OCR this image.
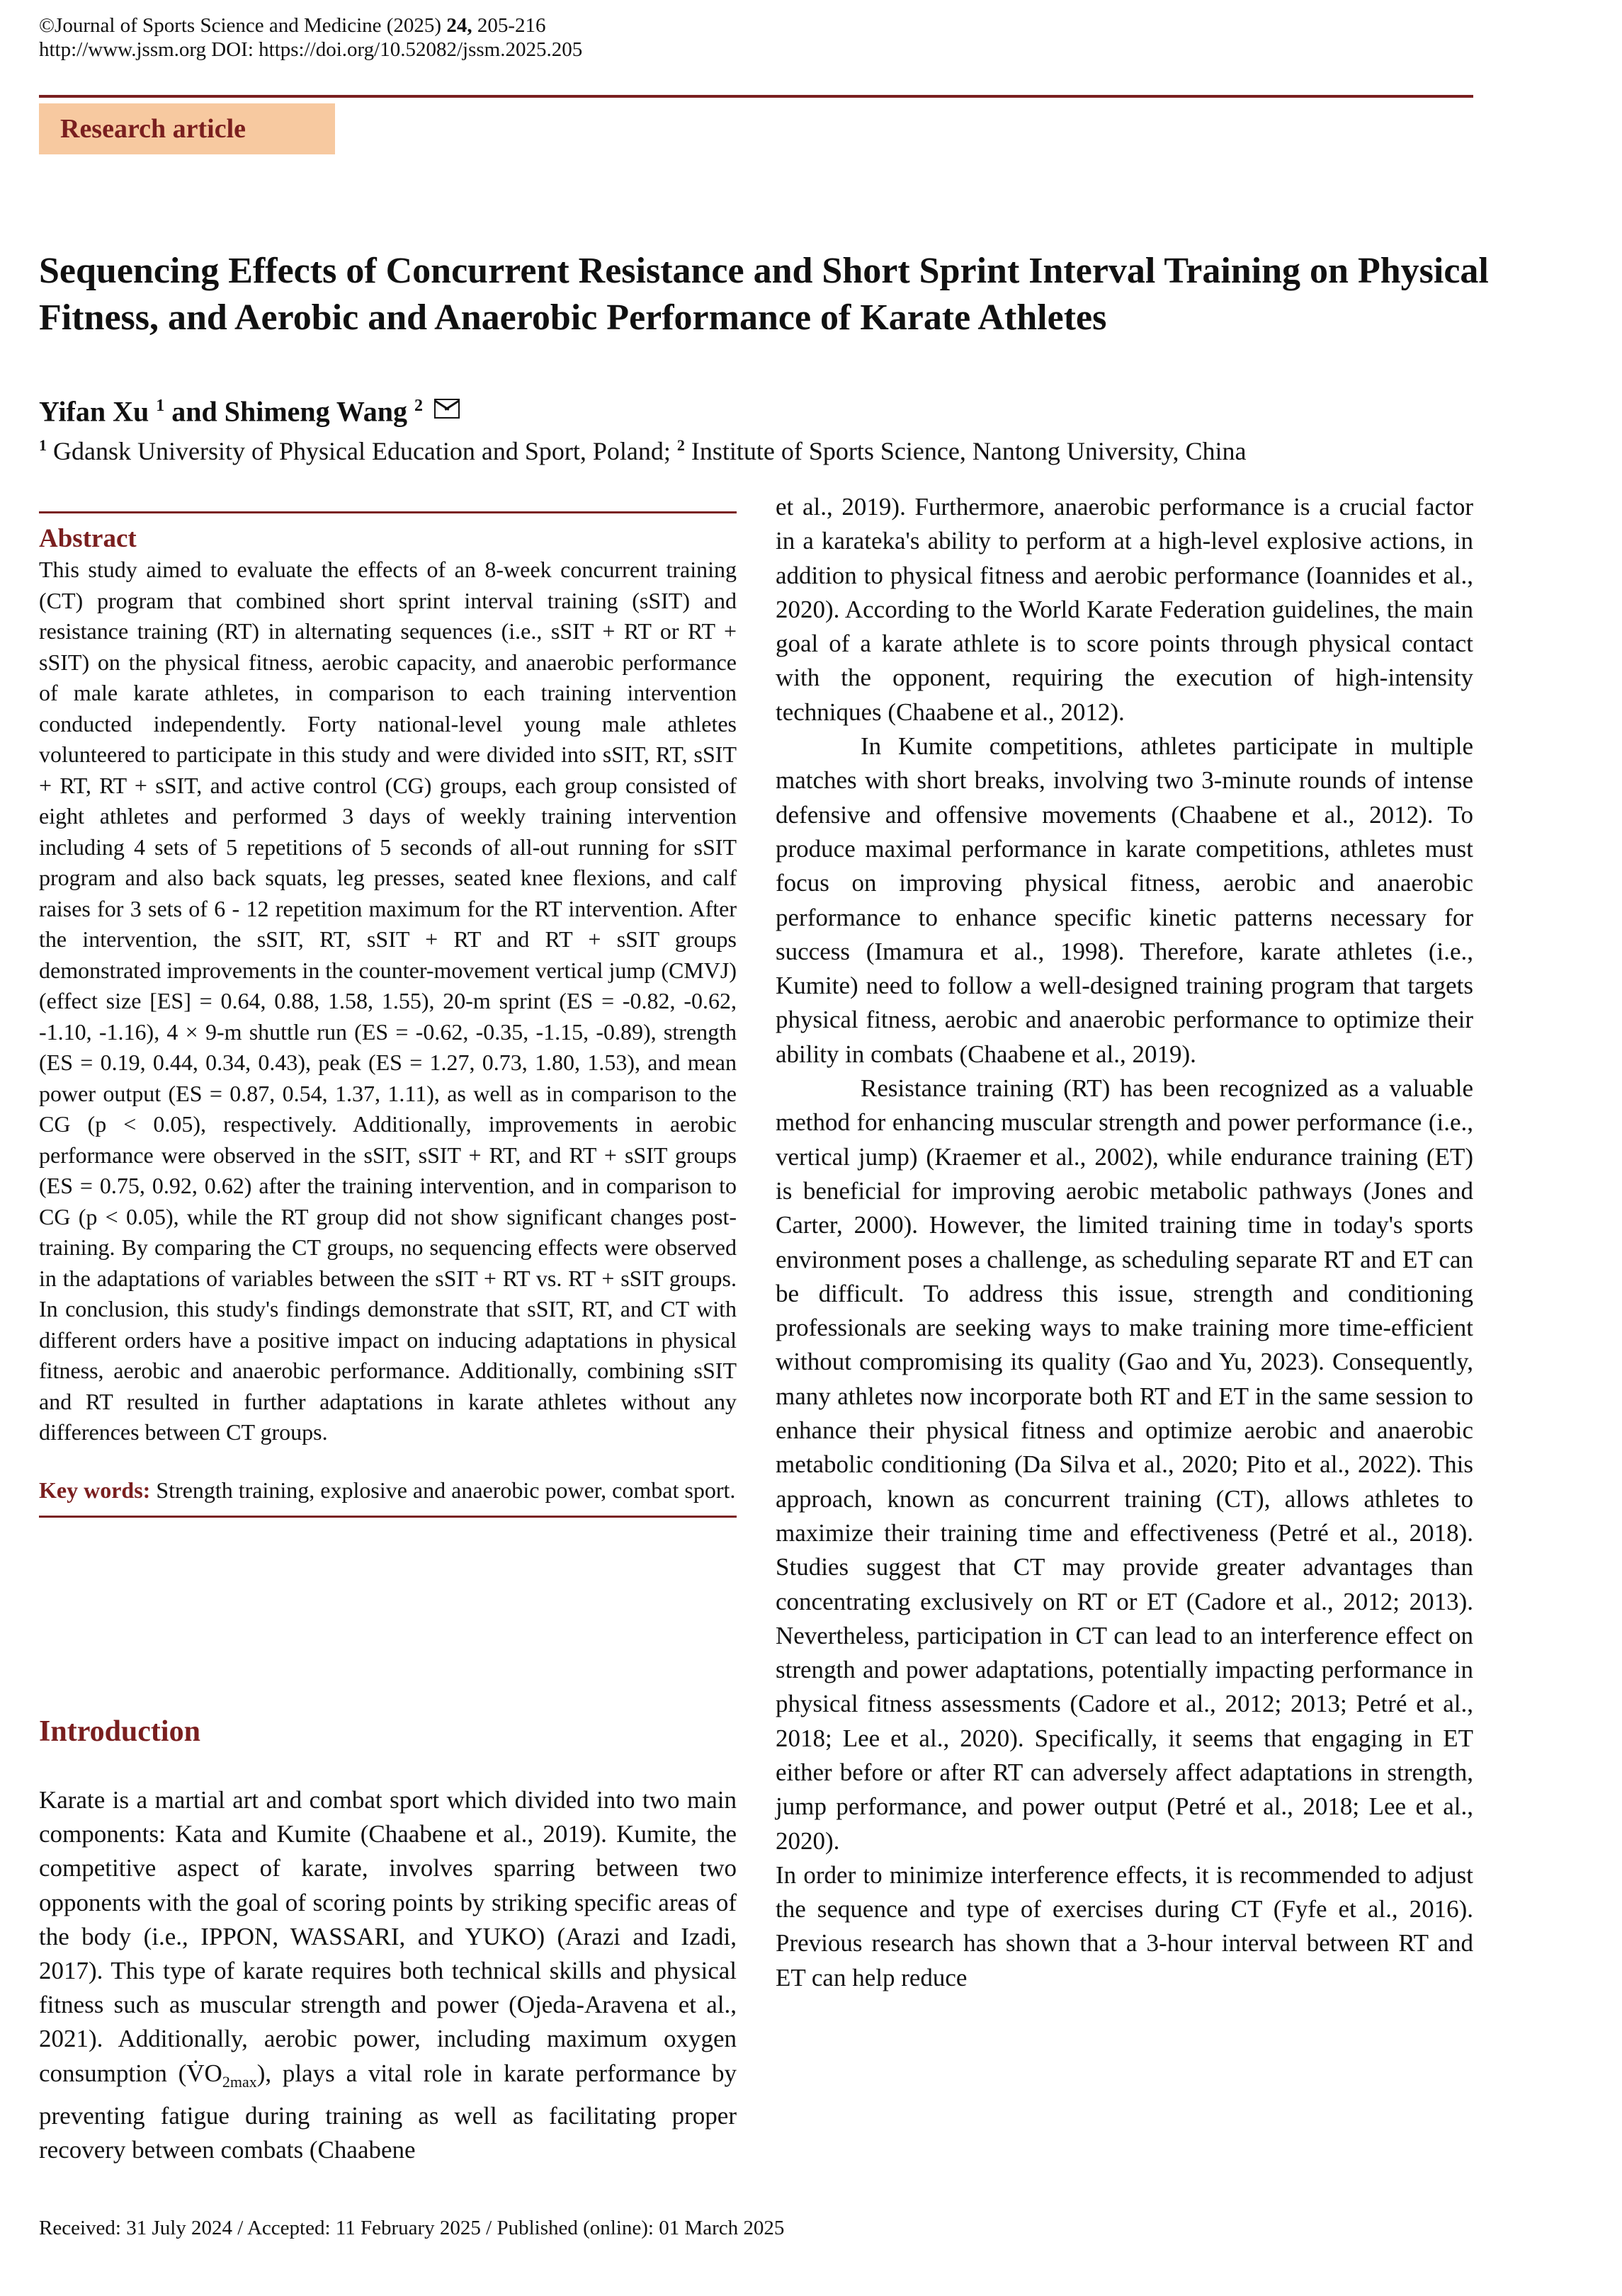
©Journal of Sports Science and Medicine (2025) 24, 205-216
http://www.jssm.org DOI: https://doi.org/10.52082/jssm.2025.205
Research article
Sequencing Effects of Concurrent Resistance and Short Sprint Interval Training on Physical Fitness, and Aerobic and Anaerobic Performance of Karate Athletes
Yifan Xu $^1$ and Shimeng Wang $^2$
$^1$ Gdansk University of Physical Education and Sport, Poland; $^2$ Institute of Sports Science, Nantong University, China
Abstract

This study aimed to evaluate the effects of an 8-week concurrent training (CT) program that combined short sprint interval training (sSIT) and resistance training (RT) in alternating sequences (i.e., sSIT + RT or RT + sSIT) on the physical fitness, aerobic capacity, and anaerobic performance of male karate athletes, in comparison to each training intervention conducted independently. Forty national-level young male athletes volunteered to participate in this study and were divided into sSIT, RT, sSIT + RT, RT + sSIT, and active control (CG) groups, each group consisted of eight athletes and performed 3 days of weekly training intervention including 4 sets of 5 repetitions of 5 seconds of all-out running for sSIT program and also back squats, leg presses, seated knee flexions, and calf raises for 3 sets of 6 - 12 repetition maximum for the RT intervention. After the intervention, the sSIT, RT, sSIT + RT and RT + sSIT groups demonstrated improvements in the counter-movement vertical jump (CMVJ) (effect size [ES] = 0.64, 0.88, 1.58, 1.55), 20-m sprint (ES = -0.82, -0.62, -1.10, -1.16), 4 × 9-m shuttle run (ES = -0.62, -0.35, -1.15, -0.89), strength (ES = 0.19, 0.44, 0.34, 0.43), peak (ES = 1.27, 0.73, 1.80, 1.53), and mean power output (ES = 0.87, 0.54, 1.37, 1.11), as well as in comparison to the CG (p < 0.05), respectively. Additionally, improvements in aerobic performance were observed in the sSIT, sSIT + RT, and RT + sSIT groups (ES = 0.75, 0.92, 0.62) after the training intervention, and in comparison to CG (p < 0.05), while the RT group did not show significant changes post-training. By comparing the CT groups, no sequencing effects were observed in the adaptations of variables between the sSIT + RT vs. RT + sSIT groups. In conclusion, this study's findings demonstrate that sSIT, RT, and CT with different orders have a positive impact on inducing adaptations in physical fitness, aerobic and anaerobic performance. Additionally, combining sSIT and RT resulted in further adaptations in karate athletes without any differences between CT groups.

Key words: Strength training, explosive and anaerobic power, combat sport.
Introduction

Karate is a martial art and combat sport which divided into two main components: Kata and Kumite (Chaabene et al., 2019). Kumite, the competitive aspect of karate, involves sparring between two opponents with the goal of scoring points by striking specific areas of the body (i.e., IPPON, WASSARI, and YUKO) (Arazi and Izadi, 2017). This type of karate requires both technical skills and physical fitness such as muscular strength and power (Ojeda-Aravena et al., 2021). Additionally, aerobic power, including maximum oxygen consumption $(V̇O_{2max})$, plays a vital role in karate performance by preventing fatigue during training as well as facilitating proper recovery between combats (Chaabene

et al., 2019). Furthermore, anaerobic performance is a crucial factor in a karateka's ability to perform at a high-level explosive actions, in addition to physical fitness and aerobic performance (Ioannides et al., 2020). According to the World Karate Federation guidelines, the main goal of a karate athlete is to score points through physical contact with the opponent, requiring the execution of high-intensity techniques (Chaabene et al., 2012).

In Kumite competitions, athletes participate in multiple matches with short breaks, involving two 3-minute rounds of intense defensive and offensive movements (Chaabene et al., 2012). To produce maximal performance in karate competitions, athletes must focus on improving physical fitness, aerobic and anaerobic performance to enhance specific kinetic patterns necessary for success (Imamura et al., 1998). Therefore, karate athletes (i.e., Kumite) need to follow a well-designed training program that targets physical fitness, aerobic and anaerobic performance to optimize their ability in combats (Chaabene et al., 2019).

Resistance training (RT) has been recognized as a valuable method for enhancing muscular strength and power performance (i.e., vertical jump) (Kraemer et al., 2002), while endurance training (ET) is beneficial for improving aerobic metabolic pathways (Jones and Carter, 2000). However, the limited training time in today's sports environment poses a challenge, as scheduling separate RT and ET can be difficult. To address this issue, strength and conditioning professionals are seeking ways to make training more time-efficient without compromising its quality (Gao and Yu, 2023). Consequently, many athletes now incorporate both RT and ET in the same session to enhance their physical fitness and optimize aerobic and anaerobic metabolic conditioning (Da Silva et al., 2020; Pito et al., 2022). This approach, known as concurrent training (CT), allows athletes to maximize their training time and effectiveness (Petré et al., 2018). Studies suggest that CT may provide greater advantages than concentrating exclusively on RT or ET (Cadore et al., 2012; 2013). Nevertheless, participation in CT can lead to an interference effect on strength and power adaptations, potentially impacting performance in physical fitness assessments (Cadore et al., 2012; 2013; Petré et al., 2018; Lee et al., 2020). Specifically, it seems that engaging in ET either before or after RT can adversely affect adaptations in strength, jump performance, and power output (Petré et al., 2018; Lee et al., 2020).

In order to minimize interference effects, it is recommended to adjust the sequence and type of exercises during CT (Fyfe et al., 2016). Previous research has shown that a 3-hour interval between RT and ET can help reduce

Received: 31 July 2024 / Accepted: 11 February 2025 / Published (online): 01 March 2025
